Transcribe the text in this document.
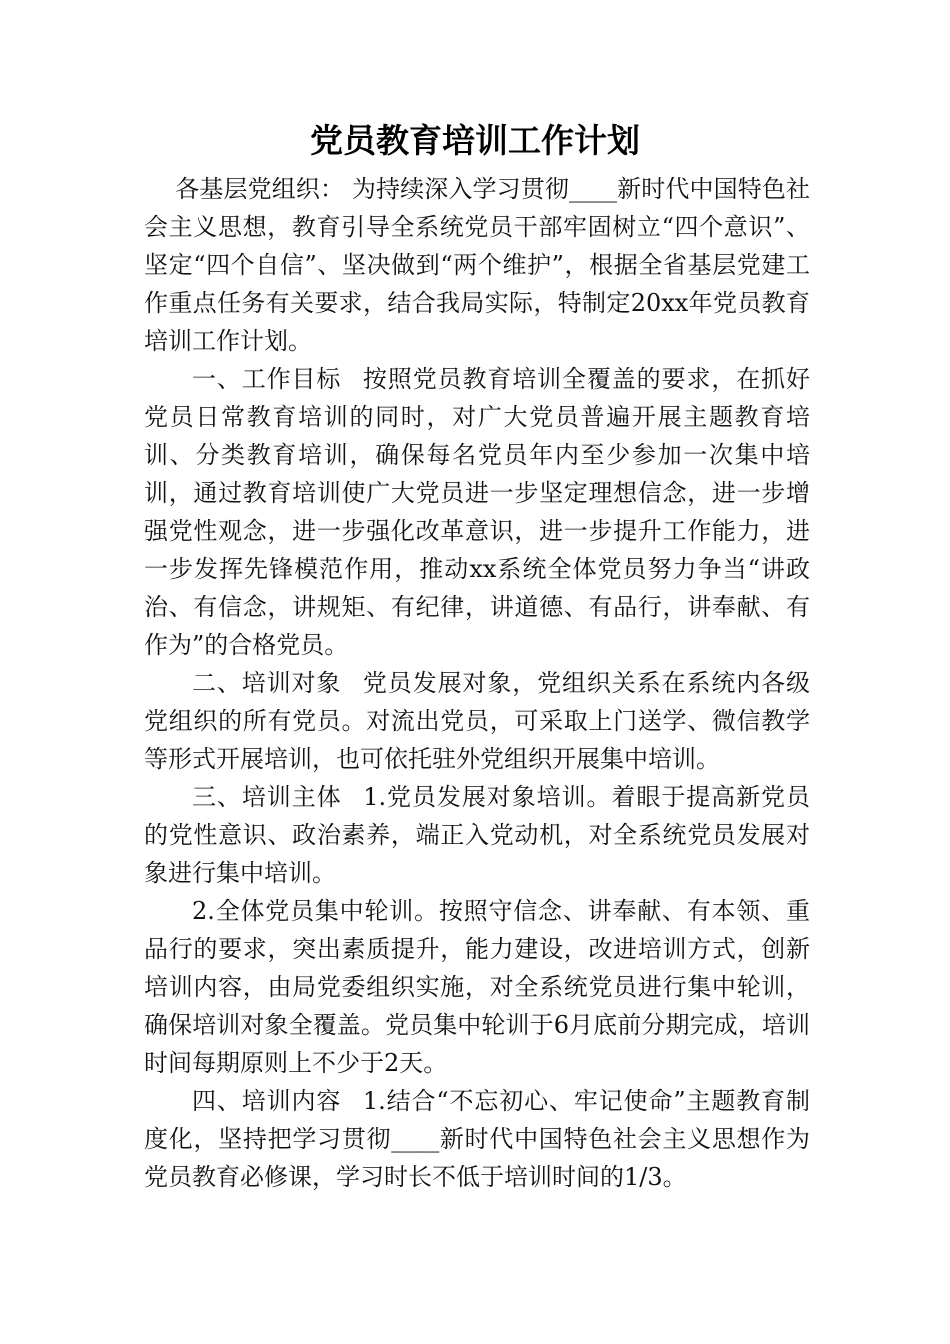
党员教育培训工作计划

各基层党组织： 为持续深入学习贯彻____新时代中国特色社会主义思想，教育引导全系统党员干部牢固树立“四个意识”、坚定“四个自信”、坚决做到“两个维护”，根据全省基层党建工作重点任务有关要求，结合我局实际，特制定20xx年党员教育培训工作计划。

一、工作目标 按照党员教育培训全覆盖的要求，在抓好党员日常教育培训的同时，对广大党员普遍开展主题教育培训、分类教育培训，确保每名党员年内至少参加一次集中培训，通过教育培训使广大党员进一步坚定理想信念，进一步增强党性观念，进一步强化改革意识，进一步提升工作能力，进一步发挥先锋模范作用，推动xx系统全体党员努力争当“讲政治、有信念，讲规矩、有纪律，讲道德、有品行，讲奉献、有作为”的合格党员。

二、培训对象 党员发展对象，党组织关系在系统内各级党组织的所有党员。对流出党员，可采取上门送学、微信教学等形式开展培训，也可依托驻外党组织开展集中培训。

三、培训主体 1.党员发展对象培训。着眼于提高新党员的党性意识、政治素养，端正入党动机，对全系统党员发展对象进行集中培训。

2.全体党员集中轮训。按照守信念、讲奉献、有本领、重品行的要求，突出素质提升，能力建设，改进培训方式，创新培训内容，由局党委组织实施，对全系统党员进行集中轮训，确保培训对象全覆盖。党员集中轮训于6月底前分期完成，培训时间每期原则上不少于2天。

四、培训内容 1.结合“不忘初心、牢记使命”主题教育制度化，坚持把学习贯彻____新时代中国特色社会主义思想作为党员教育必修课，学习时长不低于培训时间的1/3。
